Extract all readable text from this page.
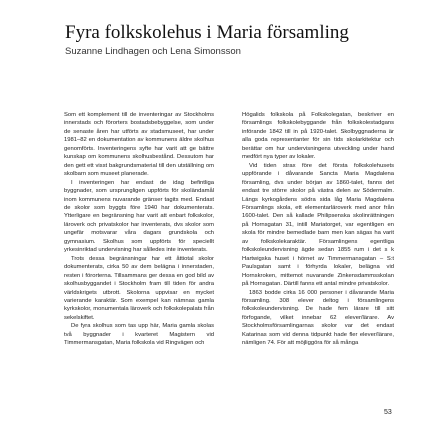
Fyra folkskolehus i Maria församling
Suzanne Lindhagen och Lena Simonsson

Som ett komplement till de inventeringar av Stockholms innerstads och förorters bostadsbebyggelse, som under de senaste åren har utförts av stadsmuseet, har under 1981–82 en dokumentation av kommunens äldre skolhus genomförts. Inventeringens syfte har varit att ge bättre kunskap om kommunens skolhusbestånd. Dessutom har den gett ett visst bakgrundsmaterial till den utställning om skolbarn som museet planerade.

I inventeringen har endast de idag befintliga byggnader, som ursprungligen uppförts för skoländamål inom kommunens nuvarande gränser tagits med. Endast de skolor som byggts före 1940 har dokumenterats. Ytterligare en begränsning har varit att enbart folkskolor, läroverk och privatskolor har inventerats, dvs skolor som ungefär motsvarar våra dagars grundskola och gymnasium. Skolhus som uppförts för speciellt yrkesinriktad undervisning har sålledes inte inventerats.

Trots dessa begränsningar har ett åttiotal skolor dokumenterats, cirka 50 av dem belägna i innerstaden, resten i förorterna. Tillsammans ger dessa en god bild av skolhusbyggandet i Stockholm fram till tiden för andra världskrigets utbrott. Skolorna uppvisar en mycket varierande karaktär. Som exempel kan nämnas gamla kyrkskolor, monumentala läroverk och folkskolepalats från sekelskiftet.

De fyra skolhus som tas upp här, Maria gamla skolas två byggnader i kvarteret Magistern vid Timmermansgatan, Maria folkskola vid Ringvägen och

Högalids folkskola på Folkskolegatan, beskriver en församlings folkskolebyggande från folkskolestadgans införande 1842 till in på 1920-talet. Skolbyggnaderna är alla goda representanter för sin tids skolarkitektur och berättar om hur undervisningens utveckling under hand medfört nya typer av lokaler.

Vid tiden strax före det första folkskolehusets uppförande i dåvarande Sancta Maria Magdalena församling, dvs under början av 1860-talet, fanns det endast tre större skolor på västra delen av Södermalm. Längs kyrkogårdens södra sida låg Maria Magdalena Församlings skola, ett elementarläroverk med anor från 1600-talet. Den så kallade Philipsenska skolinrättningen på Hornsgatan 31, intill Mariatorget, var egentligen en skola för mindre bemedlade barn men kan sägas ha varit av folkskolekaraktär. Församlingens egentliga folkskoleundervisning ägde sedan 1855 rum i det s k Hartwigska huset i hörnet av Timmermansgatan – S:t Paulsgatan samt i förhyrda lokaler, belägna vid Hornskroken, mittemot nuvarande Zinkensdammsskolan på Hornsgatan. Därtill fanns ett antal mindre privatskolor.

1863 bodde cirka 16 000 personer i dåvarande Maria församling. 308 elever deltog i församlingens folkskoleundervisning. De hade fem lärare till sitt förfogande, vilket innebar 62 elever/lärare. Av Stockholmsförsamlingarnas skolor var det endast Katarinas som vid denna tidpunkt hade fler elever/lärare, nämligen 74. För att möjliggöra för så många

53
